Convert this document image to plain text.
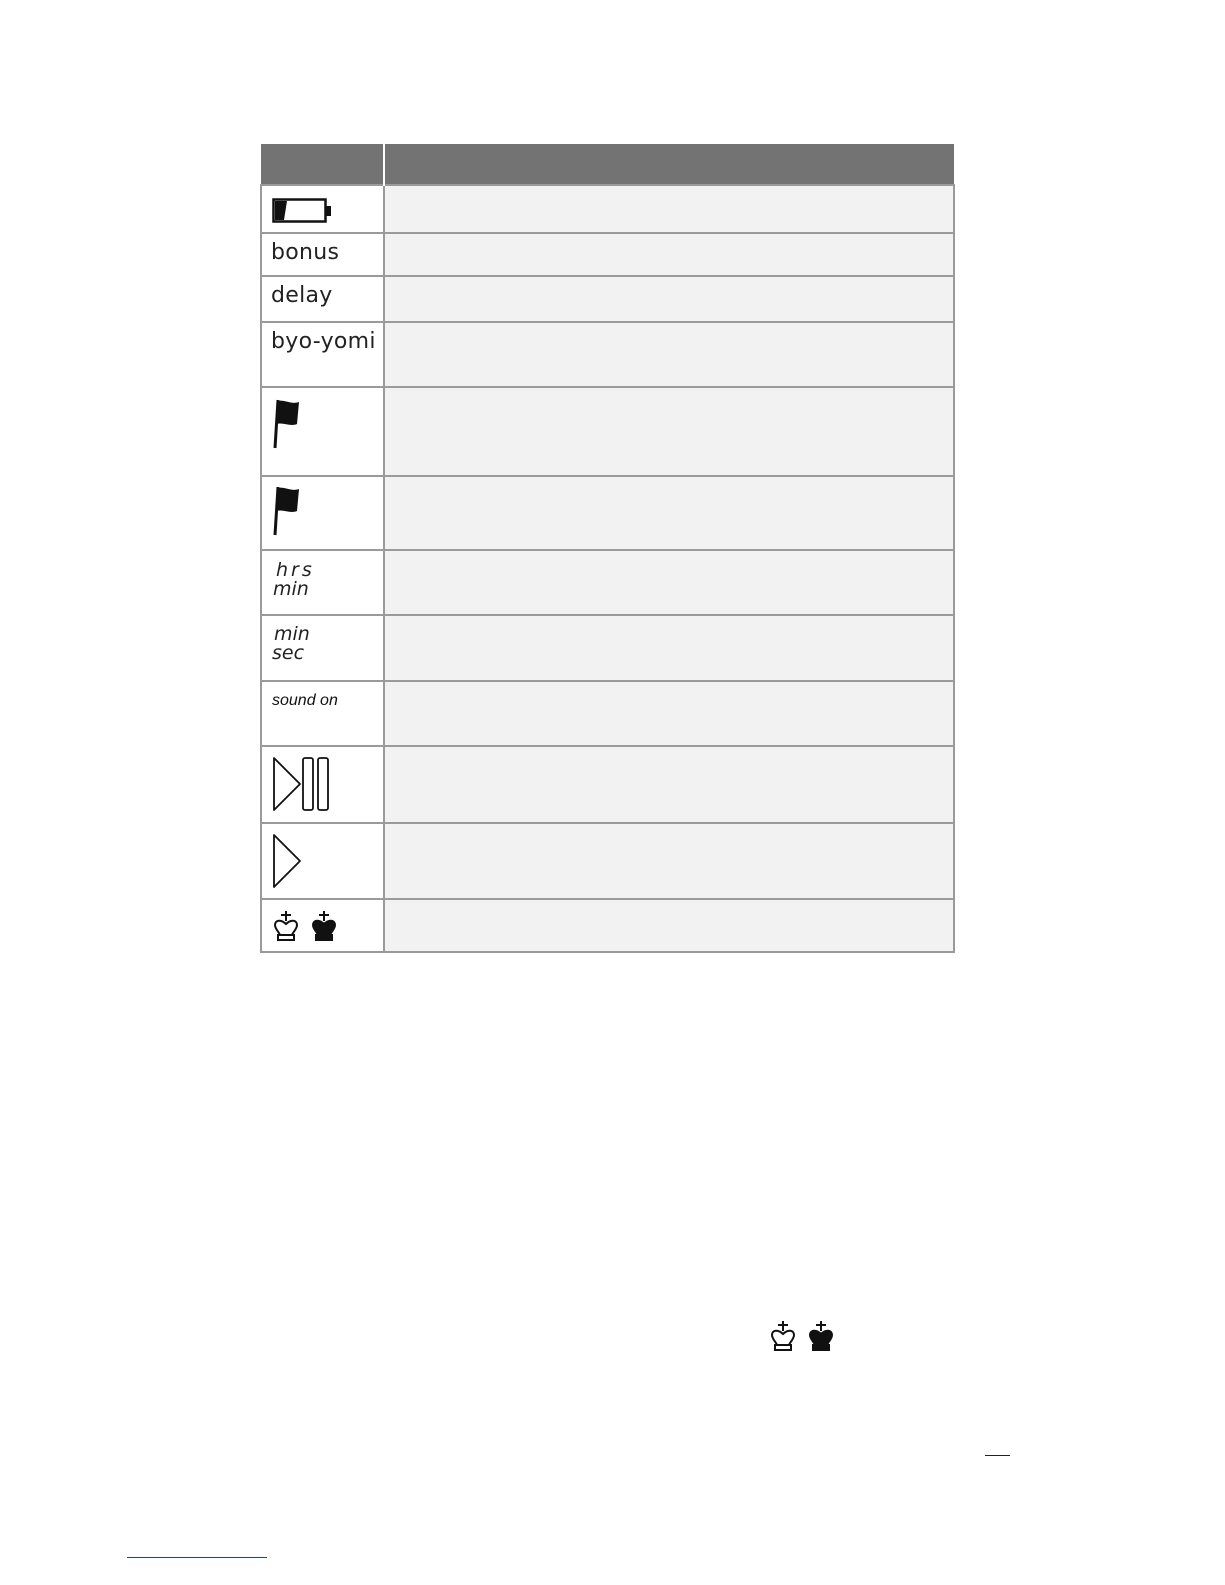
bonus	

delay	

byo-yomi	

hrs
min	

min
sec	

sound on	
